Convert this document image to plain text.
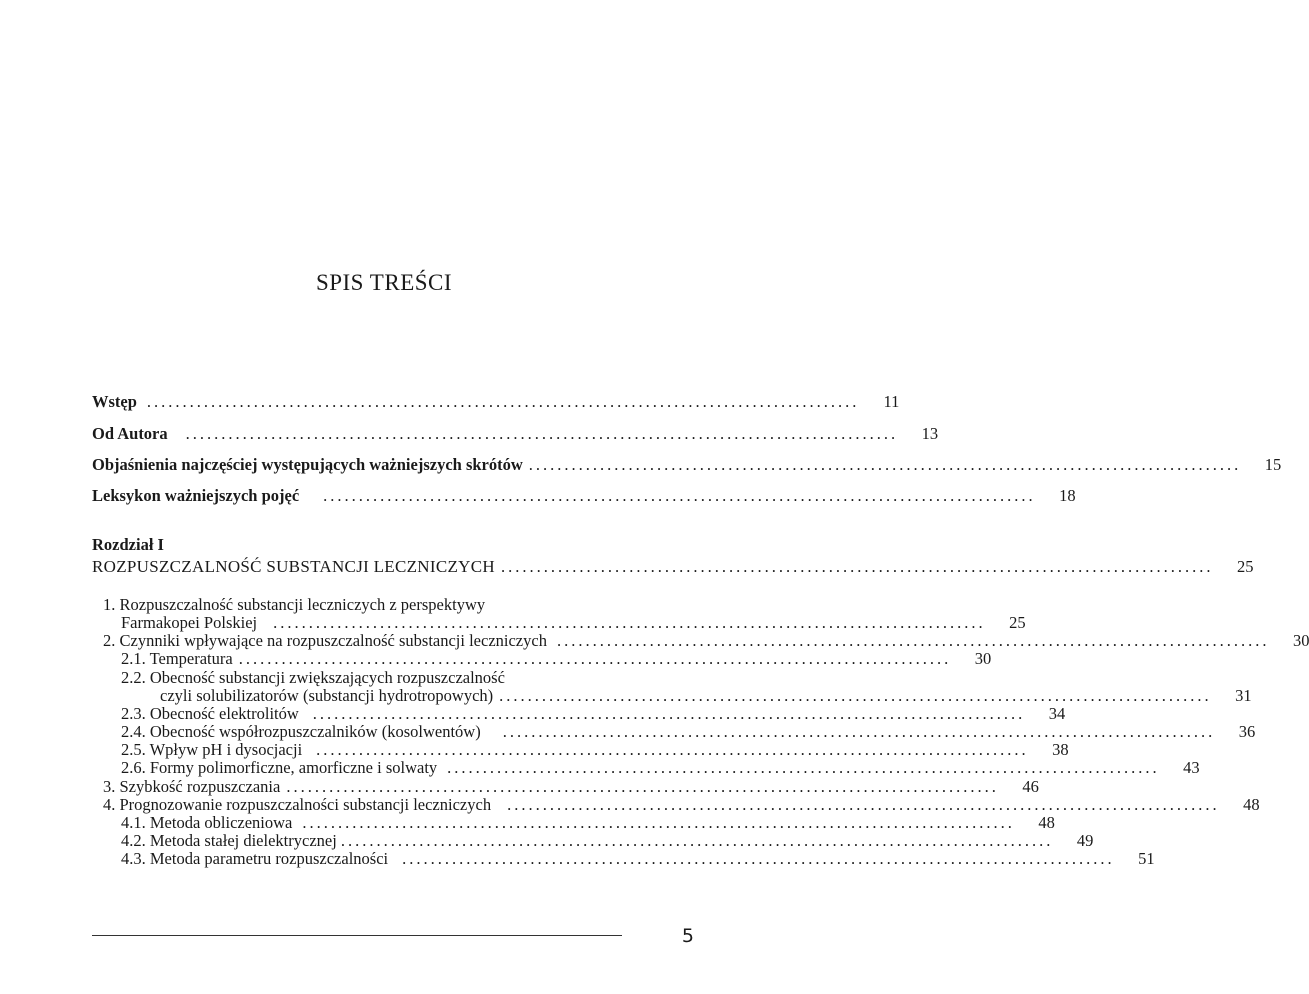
SPIS TREŚCI
Wstęp ....................................................................................................	11
Od Autora ....................................................................................................	13
Objaśnienia najczęściej występujących ważniejszych skrótów ....................................................................................................	15
Leksykon ważniejszych pojęć ....................................................................................................	18
Rozdział I
ROZPUSZCZALNOŚĆ SUBSTANCJI LECZNICZYCH ....................................................................................................	25
1. Rozpuszczalność substancji leczniczych z perspektywy
Farmakopei Polskiej ....................................................................................................	25
2. Czynniki wpływające na rozpuszczalność substancji leczniczych ....................................................................................................	30
2.1. Temperatura ....................................................................................................	30
2.2. Obecność substancji zwiększających rozpuszczalność
czyli solubilizatorów (substancji hydrotropowych) ....................................................................................................	31
2.3. Obecność elektrolitów ....................................................................................................	34
2.4. Obecność współrozpuszczalników (kosolwentów) ....................................................................................................	36
2.5. Wpływ pH i dysocjacji ....................................................................................................	38
2.6. Formy polimorficzne, amorficzne i solwaty ....................................................................................................	43
3. Szybkość rozpuszczania ....................................................................................................	46
4. Prognozowanie rozpuszczalności substancji leczniczych ....................................................................................................	48
4.1. Metoda obliczeniowa ....................................................................................................	48
4.2. Metoda stałej dielektrycznej ....................................................................................................	49
4.3. Metoda parametru rozpuszczalności ....................................................................................................	51
5
